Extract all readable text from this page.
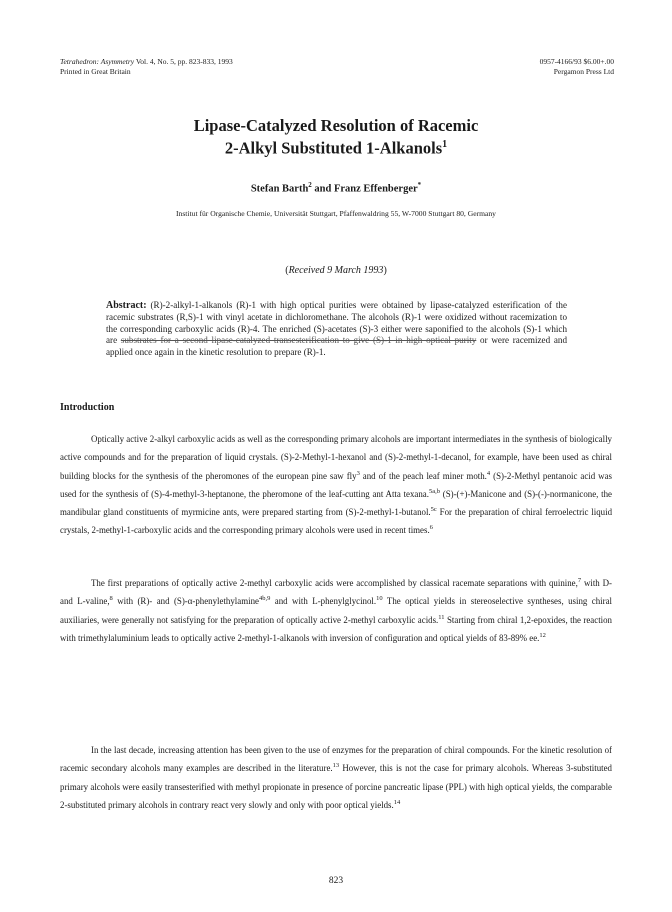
Tetrahedron: Asymmetry Vol. 4, No. 5, pp. 823-833, 1993
Printed in Great Britain
0957-4166/93 $6.00+.00
Pergamon Press Ltd
Lipase-Catalyzed Resolution of Racemic
2-Alkyl Substituted 1-Alkanols$^1$
Stefan Barth$^2$ and Franz Effenberger*
Institut für Organische Chemie, Universität Stuttgart, Pfaffenwaldring 55, W-7000 Stuttgart 80, Germany
(Received 9 March 1993)
Abstract: (R)-2-alkyl-1-alkanols (R)-1 with high optical purities were obtained by lipase-catalyzed esterification of the racemic substrates (R,S)-1 with vinyl acetate in dichloromethane. The alcohols (R)-1 were oxidized without racemization to the corresponding carboxylic acids (R)-4. The enriched (S)-acetates (S)-3 either were saponified to the alcohols (S)-1 which are substrates for a second lipase-catalyzed transesterification to give (S)-1 in high optical purity or were racemized and applied once again in the kinetic resolution to prepare (R)-1.
Introduction
Optically active 2-alkyl carboxylic acids as well as the corresponding primary alcohols are important intermediates in the synthesis of biologically active compounds and for the preparation of liquid crystals. (S)-2-Methyl-1-hexanol and (S)-2-methyl-1-decanol, for example, have been used as chiral building blocks for the synthesis of the pheromones of the european pine saw fly$^3$ and of the peach leaf miner moth.$^4$ (S)-2-Methyl pentanoic acid was used for the synthesis of (S)-4-methyl-3-heptanone, the pheromone of the leaf-cutting ant Atta texana.$^{5a,b}$ (S)-(+)-Manicone and (S)-(-)-normanicone, the mandibular gland constituents of myrmicine ants, were prepared starting from (S)-2-methyl-1-butanol.$^{5c}$ For the preparation of chiral ferroelectric liquid crystals, 2-methyl-1-carboxylic acids and the corresponding primary alcohols were used in recent times.$^6$
The first preparations of optically active 2-methyl carboxylic acids were accomplished by classical racemate separations with quinine,$^7$ with D- and L-valine,$^8$ with (R)- and (S)-α-phenylethylamine$^{4b,9}$ and with L-phenylglycinol.$^{10}$ The optical yields in stereoselective syntheses, using chiral auxiliaries, were generally not satisfying for the preparation of optically active 2-methyl carboxylic acids.$^{11}$ Starting from chiral 1,2-epoxides, the reaction with trimethylaluminium leads to optically active 2-methyl-1-alkanols with inversion of configuration and optical yields of 83-89% ee.$^{12}$
In the last decade, increasing attention has been given to the use of enzymes for the preparation of chiral compounds. For the kinetic resolution of racemic secondary alcohols many examples are described in the literature.$^{13}$ However, this is not the case for primary alcohols. Whereas 3-substituted primary alcohols were easily transesterified with methyl propionate in presence of porcine pancreatic lipase (PPL) with high optical yields, the comparable 2-substituted primary alcohols in contrary react very slowly and only with poor optical yields.$^{14}$
823
